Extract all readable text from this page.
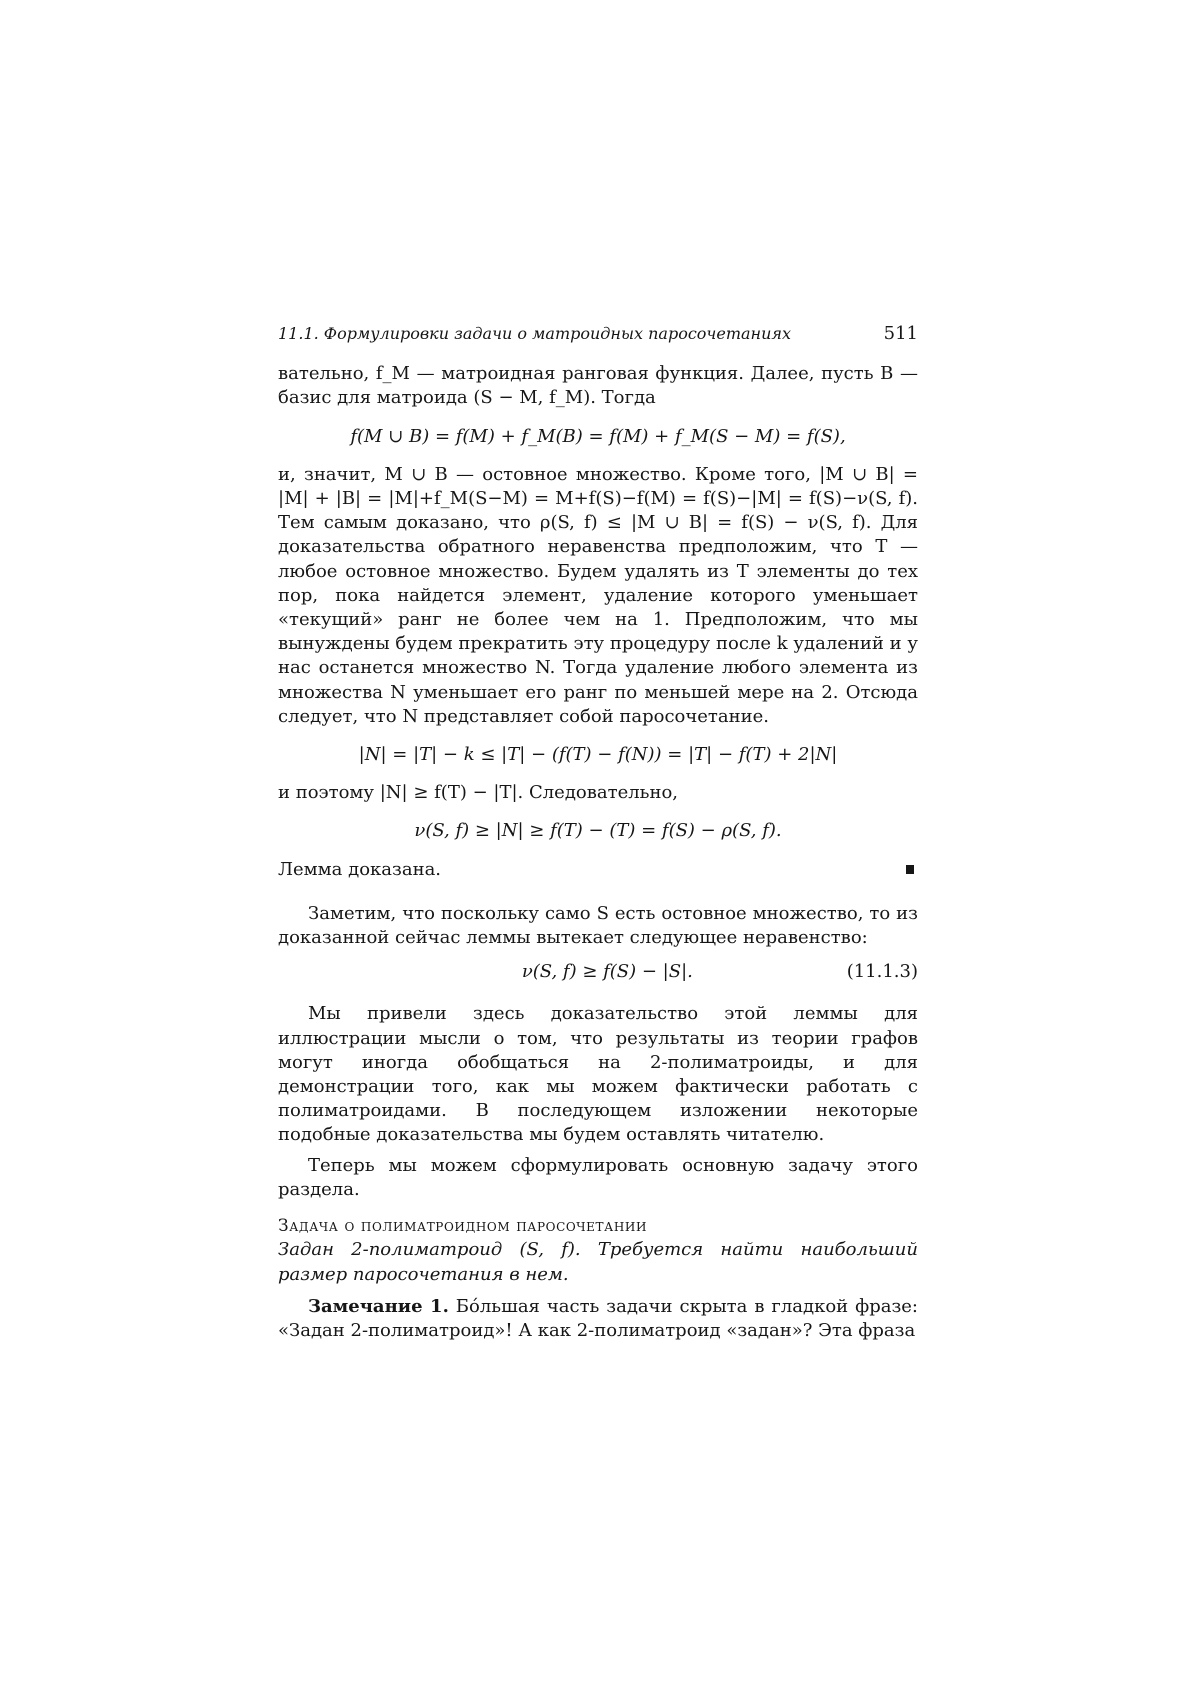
11.1. Формулировки задачи о матроидных паросочетаниях	511

вательно, f_M — матроидная ранговая функция. Далее, пусть B — базис для матроида (S − M, f_M). Тогда

f(M ∪ B) = f(M) + f_M(B) = f(M) + f_M(S − M) = f(S),

и, значит, M ∪ B — остовное множество. Кроме того, |M ∪ B| = |M| + |B| = |M|+f_M(S−M) = M+f(S)−f(M) = f(S)−|M| = f(S)−ν(S, f). Тем самым доказано, что ρ(S, f) ≤ |M ∪ B| = f(S) − ν(S, f). Для доказательства обратного неравенства предположим, что T — любое остовное множество. Будем удалять из T элементы до тех пор, пока найдется элемент, удаление которого уменьшает «текущий» ранг не более чем на 1. Предположим, что мы вынуждены будем прекратить эту процедуру после k удалений и у нас останется множество N. Тогда удаление любого элемента из множества N уменьшает его ранг по меньшей мере на 2. Отсюда следует, что N представляет собой паросочетание.

|N| = |T| − k ≤ |T| − (f(T) − f(N)) = |T| − f(T) + 2|N|

и поэтому |N| ≥ f(T) − |T|. Следовательно,

ν(S, f) ≥ |N| ≥ f(T) − (T) = f(S) − ρ(S, f).
Лемма доказана.

Заметим, что поскольку само S есть остовное множество, то из доказанной сейчас леммы вытекает следующее неравенство:

ν(S, f) ≥ f(S) − |S|.	(11.1.3)

Мы привели здесь доказательство этой леммы для иллюстрации мысли о том, что результаты из теории графов могут иногда обобщаться на 2-полиматроиды, и для демонстрации того, как мы можем фактически работать с полиматроидами. В последующем изложении некоторые подобные доказательства мы будем оставлять читателю.

Теперь мы можем сформулировать основную задачу этого раздела.

Задача о полиматроидном паросочетании

Задан 2-полиматроид (S, f). Требуется найти наибольший размер паросочетания в нем.

Замечание 1. Бóльшая часть задачи скрыта в гладкой фразе: «Задан 2-полиматроид»! А как 2-полиматроид «задан»? Эта фраза
